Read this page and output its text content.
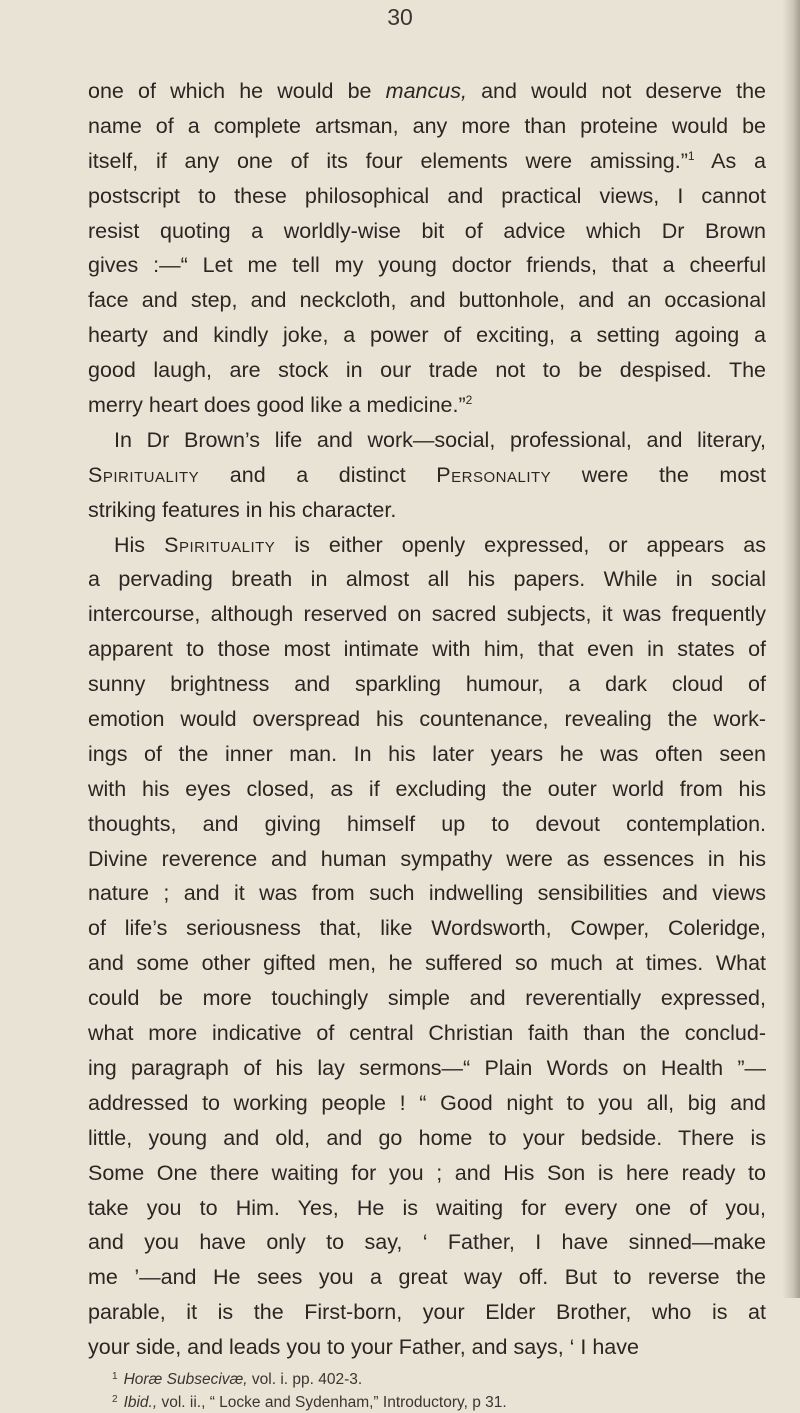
30
one of which he would be mancus, and would not deserve the
name of a complete artsman, any more than proteine would be
itself, if any one of its four elements were amissing.”$^1$ As a
postscript to these philosophical and practical views, I cannot
resist quoting a worldly-wise bit of advice which Dr Brown
gives :—“ Let me tell my young doctor friends, that a cheerful
face and step, and neckcloth, and buttonhole, and an occasional
hearty and kindly joke, a power of exciting, a setting agoing a
good laugh, are stock in our trade not to be despised. The
merry heart does good like a medicine.”$^2$
In Dr Brown’s life and work—social, professional, and literary,
Spirituality and a distinct Personality were the most
striking features in his character.
His Spirituality is either openly expressed, or appears as
a pervading breath in almost all his papers. While in social
intercourse, although reserved on sacred subjects, it was frequently
apparent to those most intimate with him, that even in states of
sunny brightness and sparkling humour, a dark cloud of
emotion would overspread his countenance, revealing the work-
ings of the inner man. In his later years he was often seen
with his eyes closed, as if excluding the outer world from his
thoughts, and giving himself up to devout contemplation.
Divine reverence and human sympathy were as essences in his
nature ; and it was from such indwelling sensibilities and views
of life’s seriousness that, like Wordsworth, Cowper, Coleridge,
and some other gifted men, he suffered so much at times. What
could be more touchingly simple and reverentially expressed,
what more indicative of central Christian faith than the conclud-
ing paragraph of his lay sermons—“ Plain Words on Health ”—
addressed to working people ! “ Good night to you all, big and
little, young and old, and go home to your bedside. There is
Some One there waiting for you ; and His Son is here ready to
take you to Him. Yes, He is waiting for every one of you,
and you have only to say, ‘ Father, I have sinned—make
me ’—and He sees you a great way off. But to reverse the
parable, it is the First-born, your Elder Brother, who is at
your side, and leads you to your Father, and says, ‘ I have
$^1$ Horæ Subsecivæ, vol. i. pp. 402-3.
$^2$ Ibid., vol. ii., “ Locke and Sydenham,” Introductory, p 31.
